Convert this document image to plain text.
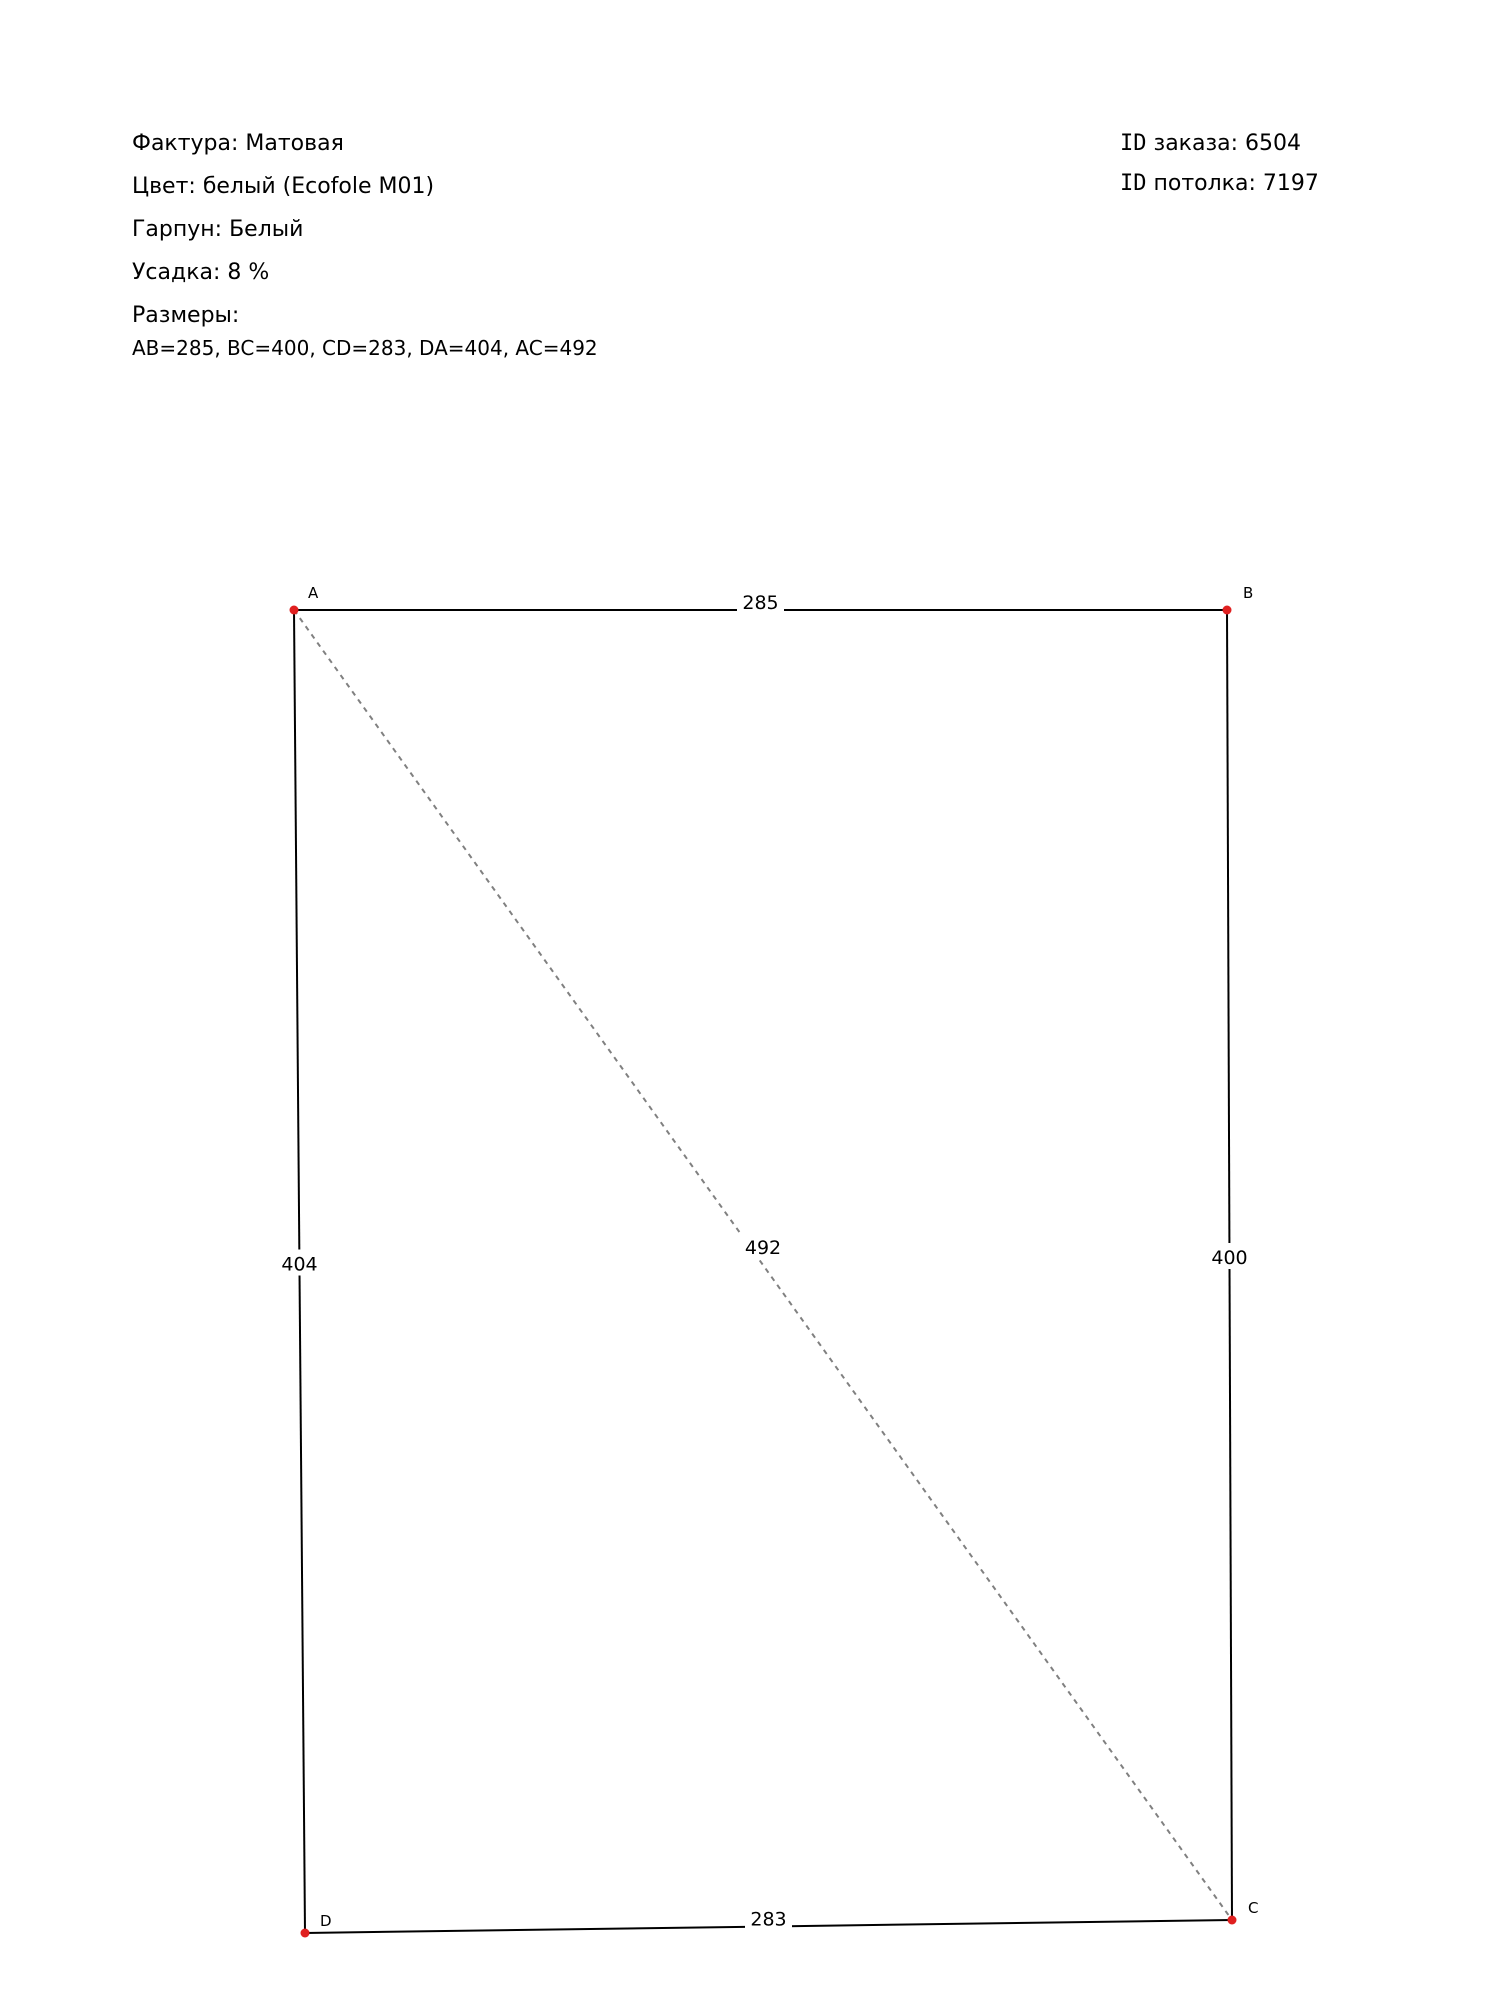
Фактура: Матовая
Цвет: белый (Ecofole M01)
Гарпун: Белый
Усадка: 8 %
Размеры:
AB=285, BC=400, CD=283, DA=404, AC=492
ID заказа: 6504
ID потолка: 7197
285
400
283
404
492
A	B
C
D
